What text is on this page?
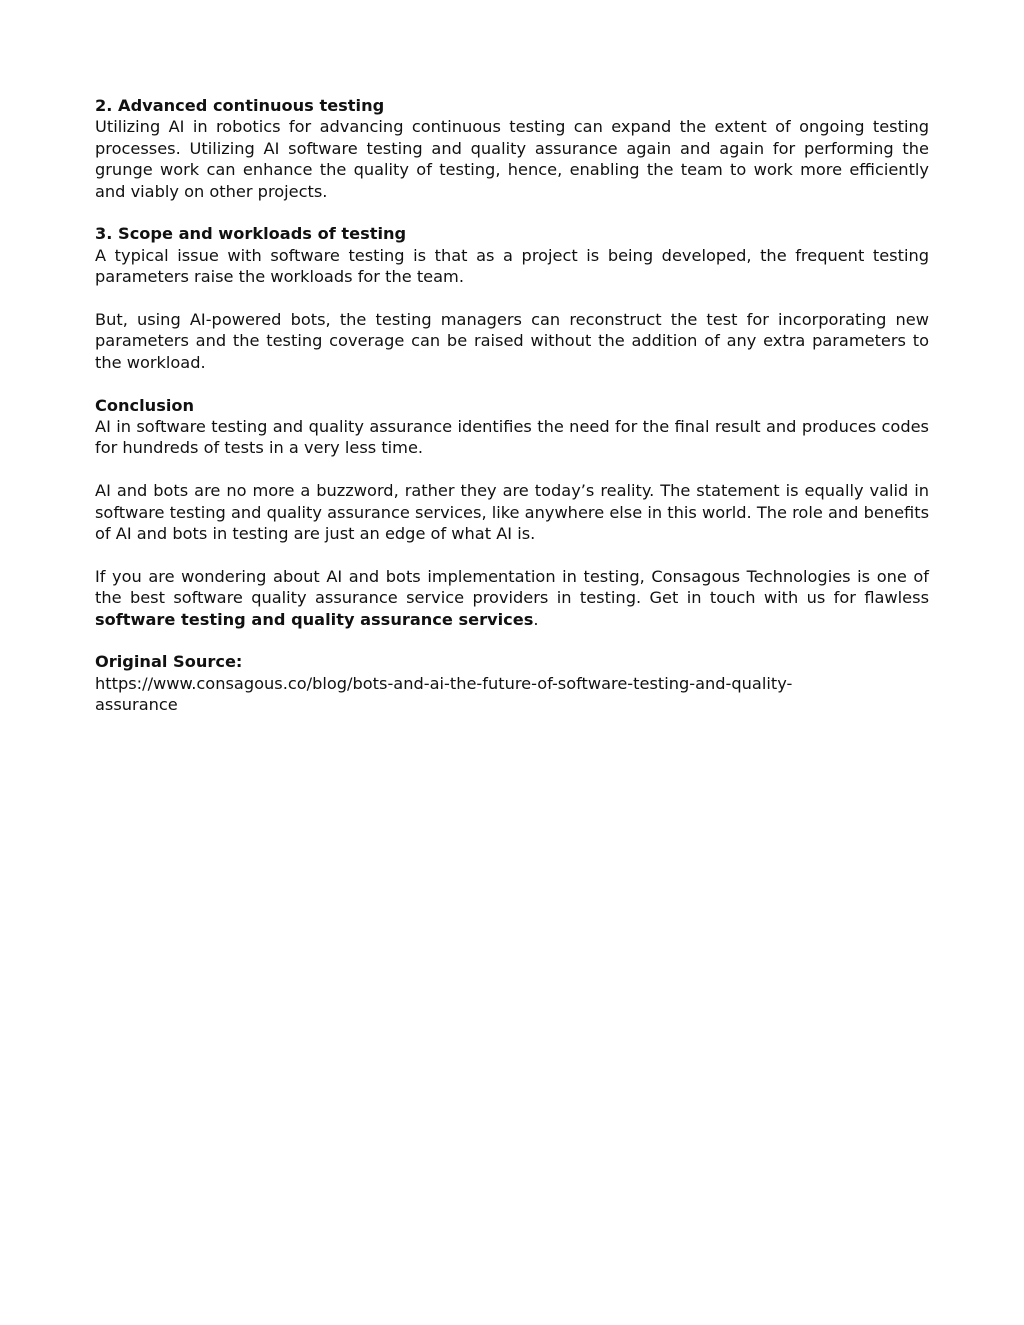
2. Advanced continuous testing

Utilizing AI in robotics for advancing continuous testing can expand the extent of ongoing testing processes. Utilizing AI software testing and quality assurance again and again for performing the grunge work can enhance the quality of testing, hence, enabling the team to work more efficiently and viably on other projects.

3. Scope and workloads of testing

A typical issue with software testing is that as a project is being developed, the frequent testing parameters raise the workloads for the team.

But, using AI-powered bots, the testing managers can reconstruct the test for incorporating new parameters and the testing coverage can be raised without the addition of any extra parameters to the workload.

Conclusion

AI in software testing and quality assurance identifies the need for the final result and produces codes for hundreds of tests in a very less time.

AI and bots are no more a buzzword, rather they are today’s reality. The statement is equally valid in software testing and quality assurance services, like anywhere else in this world. The role and benefits of AI and bots in testing are just an edge of what AI is.

If you are wondering about AI and bots implementation in testing, Consagous Technologies is one of the best software quality assurance service providers in testing. Get in touch with us for flawless software testing and quality assurance services.

Original Source:
https://www.consagous.co/blog/bots-and-ai-the-future-of-software-testing-and-quality-
assurance
